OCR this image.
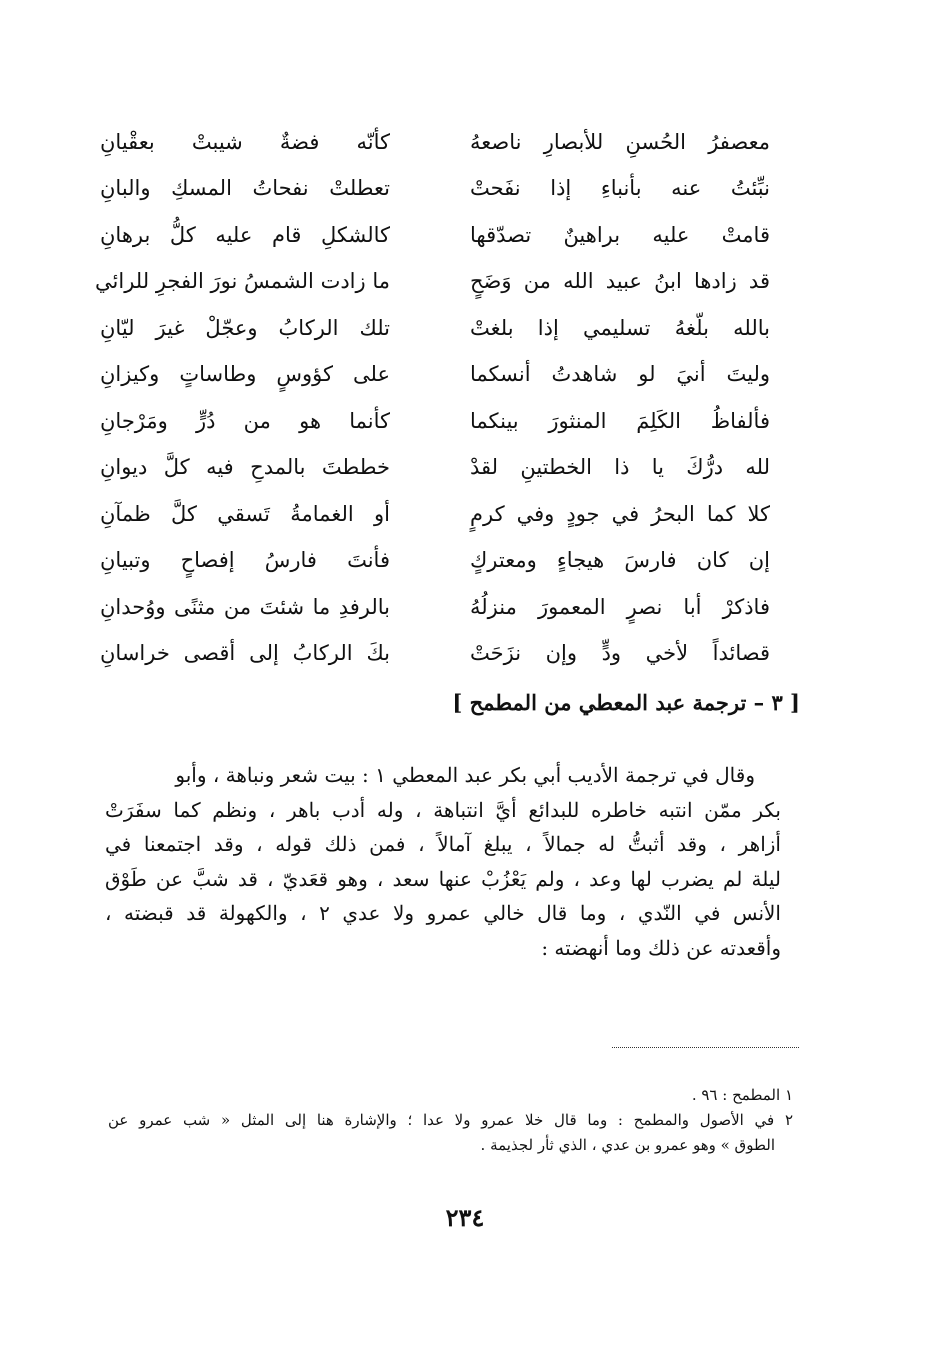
معصفرُ الحُسنِ للأبصارِ ناصعهُ
كأنّه فضةٌ شيبتْ بعقْيانِ
نبِّئتُ عنه بأنباءِ إذا نفَحتْ
تعطلتْ نفحاتُ المسكِ والبانِ
قامتْ عليه براهينٌ تصدّقها
كالشكلِ قام عليه كلُّ برهانِ
قد زادها ابنُ عبيد الله من وَضَحٍ
ما زادت الشمسُ نورَ الفجرِ للرائي
بالله بلّغهُ تسليمي إذا بلغتْ
تلك الركابُ وعجّلْ غيرَ ليّانِ
وليتَ أنيَ لو شاهدتُ أنسكما
على كؤوسٍ وطاساتٍ وكيزانِ
فألفاظُ الكَلِمَ المنثورَ بينكما
كأنما هو من دُرٍّ ومَرْجانِ
لله درُّكَ يا ذا الخطتينِ لقدْ
خططتَ بالمدحِ فيه كلَّ ديوانِ
كلا كما البحرُ في جودٍ وفي كرمٍ
أو الغمامةُ تَسقي كلَّ ظمآنِ
إن كان فارسَ هيجاءٍ ومعتركٍ
فأنتَ فارسُ إفصاحٍ وتبيانِ
فاذكرْ أبا نصرٍ المعمورَ منزلُهُ
بالرفدِ ما شئتَ من مثنًى ووُحدانِ
قصائداً لأخي ودٍّ وإن نزَحَتْ
بكَ الركابُ إلى أقصى خراسانِ
[ ٣ – ترجمة عبد المعطي من المطمح ]
وقال في ترجمة الأديب أبي بكر عبد المعطي ١ : بيت شعر ونباهة ، وأبو
بكر ممّن انتبه خاطره للبدائع أيَّ انتباهة ، وله أدب باهر ، ونظم كما سفَرَتْ
أزاهر ، وقد أثبتُّ له جمالاً ، يبلغ آمالاً ، فمن ذلك قوله ، وقد اجتمعنا في
ليلة لم يضرب لها وعد ، ولم يَعْزُبْ عنها سعد ، وهو قعَديّ ، قد شبَّ عن طَوْق
الأنس في النّدي ، وما قال خالي عمرو ولا عدي ٢ ، والكهولة قد قبضته ،
وأقعدته عن ذلك وما أنهضته :
١ المطمح : ٩٦ .
٢ في الأصول والمطمح : وما قال خلا عمرو ولا عدا ؛ والإشارة هنا إلى المثل « شب عمرو عن
الطوق » وهو عمرو بن عدي ، الذي ثأر لجذيمة .
٢٣٤
